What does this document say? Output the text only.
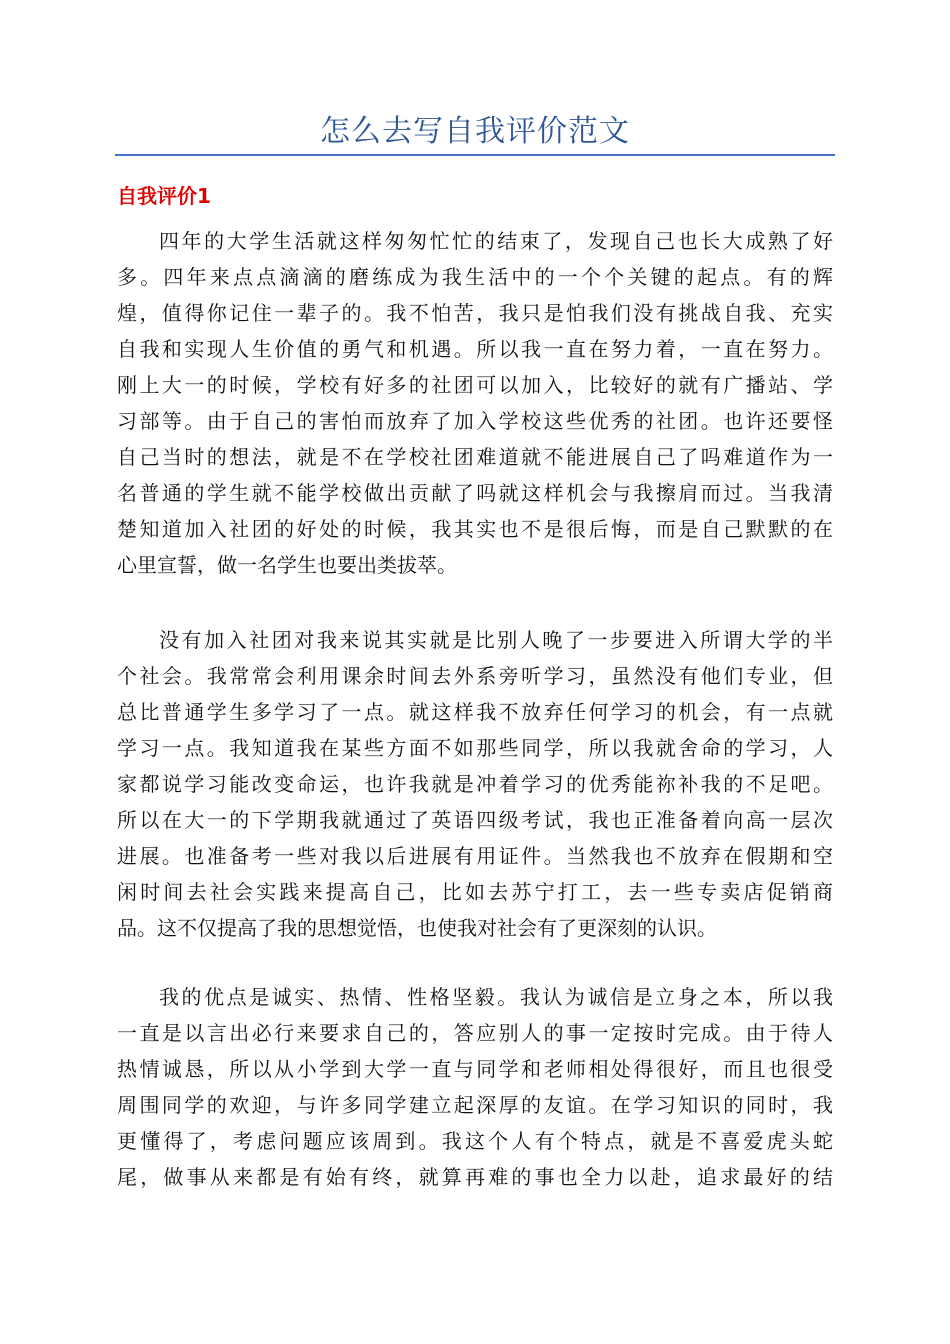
怎么去写自我评价范文
自我评价1
四年的大学生活就这样匆匆忙忙的结束了，发现自己也长大成熟了好
多。四年来点点滴滴的磨练成为我生活中的一个个关键的起点。有的辉
煌，值得你记住一辈子的。我不怕苦，我只是怕我们没有挑战自我、充实
自我和实现人生价值的勇气和机遇。所以我一直在努力着，一直在努力。
刚上大一的时候，学校有好多的社团可以加入，比较好的就有广播站、学
习部等。由于自己的害怕而放弃了加入学校这些优秀的社团。也许还要怪
自己当时的想法，就是不在学校社团难道就不能进展自己了吗难道作为一
名普通的学生就不能学校做出贡献了吗就这样机会与我擦肩而过。当我清
楚知道加入社团的好处的时候，我其实也不是很后悔，而是自己默默的在
心里宣誓，做一名学生也要出类拔萃。
没有加入社团对我来说其实就是比别人晚了一步要进入所谓大学的半
个社会。我常常会利用课余时间去外系旁听学习，虽然没有他们专业，但
总比普通学生多学习了一点。就这样我不放弃任何学习的机会，有一点就
学习一点。我知道我在某些方面不如那些同学，所以我就舍命的学习，人
家都说学习能改变命运，也许我就是冲着学习的优秀能祢补我的不足吧。
所以在大一的下学期我就通过了英语四级考试，我也正准备着向高一层次
进展。也准备考一些对我以后进展有用证件。当然我也不放弃在假期和空
闲时间去社会实践来提高自己，比如去苏宁打工，去一些专卖店促销商
品。这不仅提高了我的思想觉悟，也使我对社会有了更深刻的认识。
我的优点是诚实、热情、性格坚毅。我认为诚信是立身之本，所以我
一直是以言出必行来要求自己的，答应别人的事一定按时完成。由于待人
热情诚恳，所以从小学到大学一直与同学和老师相处得很好，而且也很受
周围同学的欢迎，与许多同学建立起深厚的友谊。在学习知识的同时，我
更懂得了，考虑问题应该周到。我这个人有个特点，就是不喜爱虎头蛇
尾，做事从来都是有始有终，就算再难的事也全力以赴，追求最好的结
